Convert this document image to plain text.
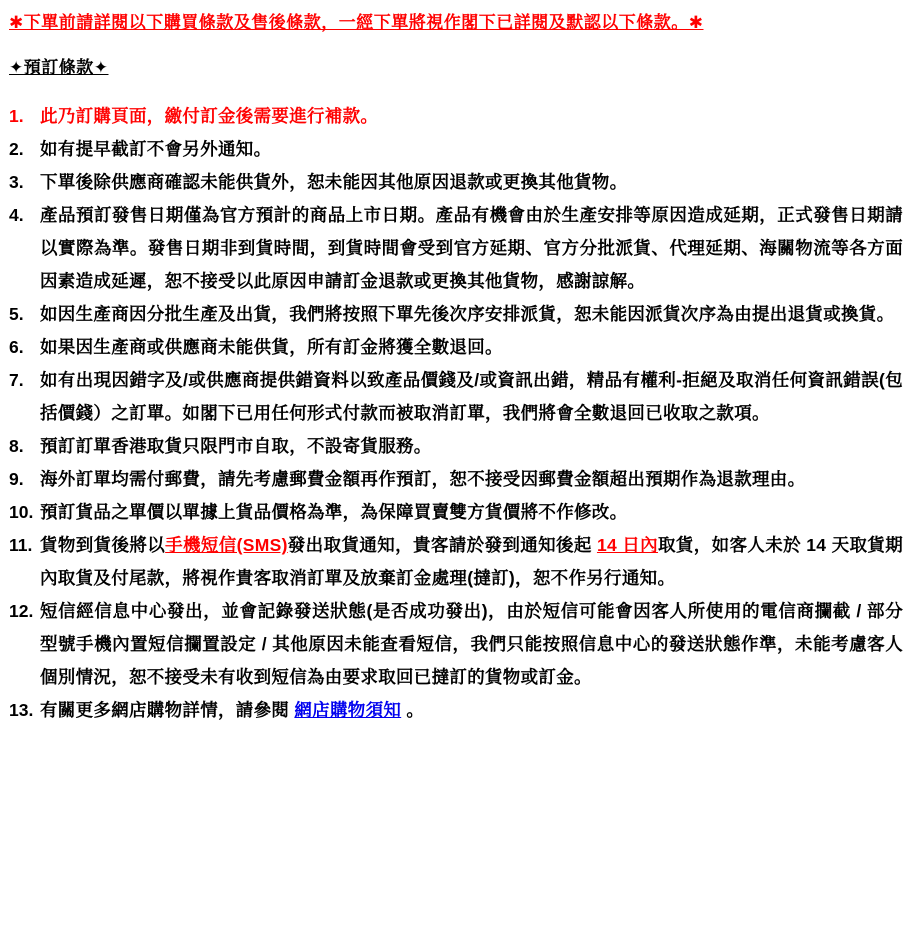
✱下單前請詳閱以下購買條款及售後條款，一經下單將視作閣下已詳閱及默認以下條款。✱
✦預訂條款✦
1. 此乃訂購頁面，繳付訂金後需要進行補款。
2. 如有提早截訂不會另外通知。
3. 下單後除供應商確認未能供貨外，恕未能因其他原因退款或更換其他貨物。
4. 產品預訂發售日期僅為官方預計的商品上市日期。產品有機會由於生產安排等原因造成延期，正式發售日期請以實際為準。發售日期非到貨時間，到貨時間會受到官方延期、官方分批派貨、代理延期、海關物流等各方面因素造成延遲，恕不接受以此原因申請訂金退款或更換其他貨物，感謝諒解。
5. 如因生產商因分批生產及出貨，我們將按照下單先後次序安排派貨，恕未能因派貨次序為由提出退貨或換貨。
6. 如果因生產商或供應商未能供貨，所有訂金將獲全數退回。
7. 如有出現因錯字及/或供應商提供錯資料以致產品價錢及/或資訊出錯，精品有權利-拒絕及取消任何資訊錯誤(包括價錢）之訂單。如閣下已用任何形式付款而被取消訂單，我們將會全數退回已收取之款項。
8. 預訂訂單香港取貨只限門市自取，不設寄貨服務。
9. 海外訂單均需付郵費，請先考慮郵費金額再作預訂，恕不接受因郵費金額超出預期作為退款理由。
10. 預訂貨品之單價以單據上貨品價格為準，為保障買賣雙方貨價將不作修改。
11. 貨物到貨後將以手機短信(SMS)發出取貨通知，貴客請於發到通知後起 14 日內取貨，如客人未於 14 天取貨期內取貨及付尾款，將視作貴客取消訂單及放棄訂金處理(撻訂)，恕不作另行通知。
12. 短信經信息中心發出，並會記錄發送狀態(是否成功發出)，由於短信可能會因客人所使用的電信商攔截 / 部分型號手機內置短信攔置設定 / 其他原因未能查看短信，我們只能按照信息中心的發送狀態作準，未能考慮客人個別情況，恕不接受未有收到短信為由要求取回已撻訂的貨物或訂金。
13. 有關更多網店購物詳情，請參閱 網店購物須知 。
